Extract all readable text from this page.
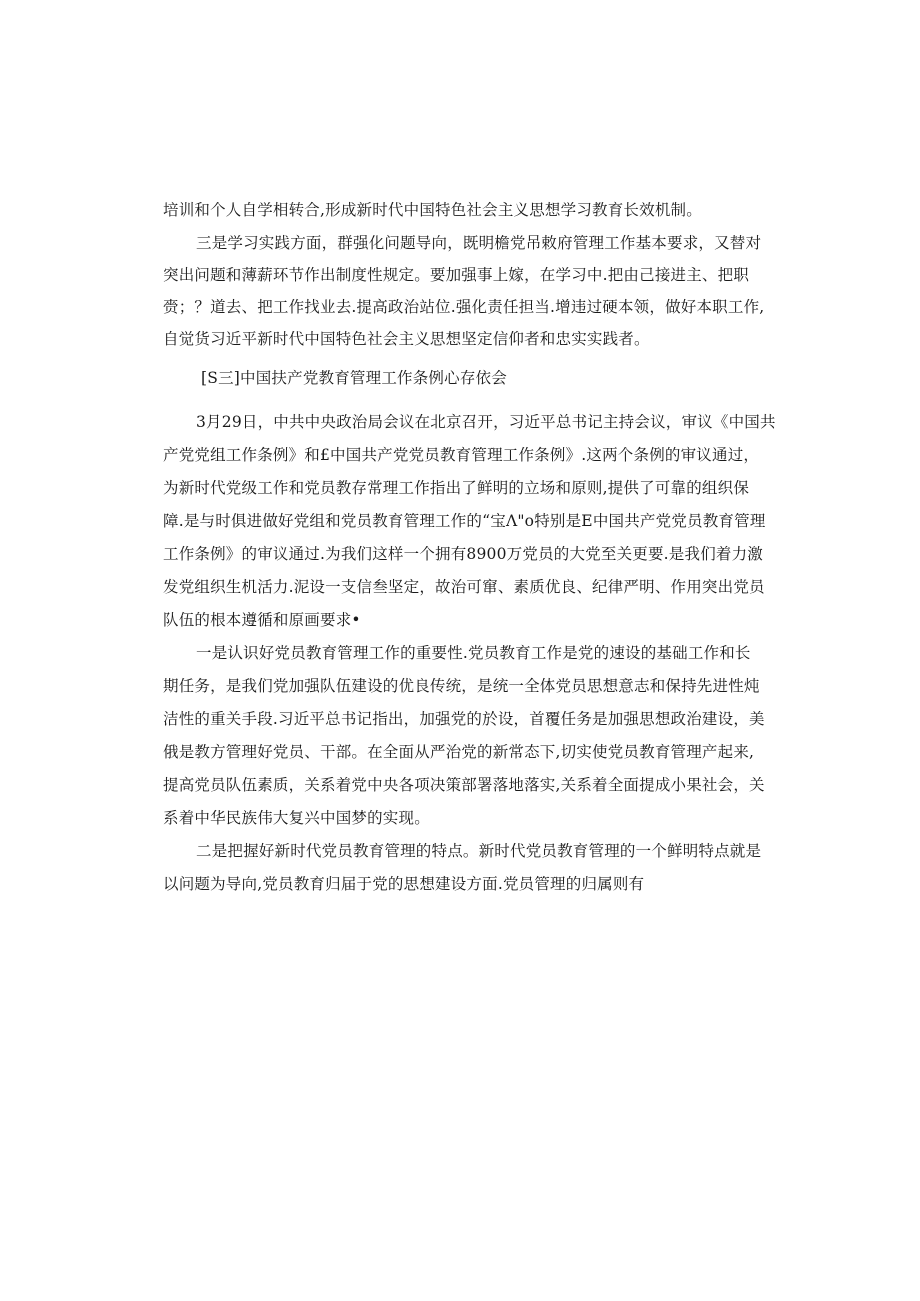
培训和个人自学相转合,形成新时代中国特色社会主义思想学习教育长效机制。
三是学习实践方面，群强化问题导向，既明檐党吊敕府管理工作基本要求，又替对
突出问题和薄薪环节作出制度性规定。要加强事上嫁，在学习中.把由己接进主、把职
赍；？道去、把工作找业去.提高政治站位.强化责任担当.增违过硬本领，做好本职工作,
自觉货习近平新时代中国特色社会主义思想坚定信仰者和忠实实践者。
[S三]中国扶产党教育管理工作条例心存依会
3月29日，中共中央政治局会议在北京召开，习近平总书记主持会议，审议《中国共
产党党组工作条例》和£中国共产党党员教育管理工作条例》.这两个条例的审议通过，
为新时代党级工作和党员教存常理工作指出了鲜明的立场和原则,提供了可靠的组织保
障.是与时俱进做好党组和党员教育管理工作的“宝Λ"o特别是E中国共产党党员教育管理
工作条例》的审议通过.为我们这样一个拥有8900万党员的大党至关更要.是我们着力激
发党组织生机活力.泥设一支信叁坚定，故治可窜、素质优良、纪律严明、作用突出党员
队伍的根本遵循和原画要求•
一是认识好党员教育管理工作的重要性.党员教育工作是党的速设的基础工作和长
期任务，是我们党加强队伍建设的优良传统，是统一全体党员思想意志和保持先进性炖
洁性的重关手段.习近平总书记指出，加强党的於设，首覆任务是加强思想政治建设，美
俄是教方管理好党员、干部。在全面从严治党的新常态下,切实使党员教育管理产起来,
提高党员队伍素质，关系着党中央各项决策部署落地落实,关系着全面提成小果社会，关
系着中华民族伟大复兴中国梦的实现。
二是把握好新时代党员教育管理的特点。新时代党员教育管理的一个鲜明特点就是
以问题为导向,党员教育归届于党的思想建设方面.党员管理的归属则有
